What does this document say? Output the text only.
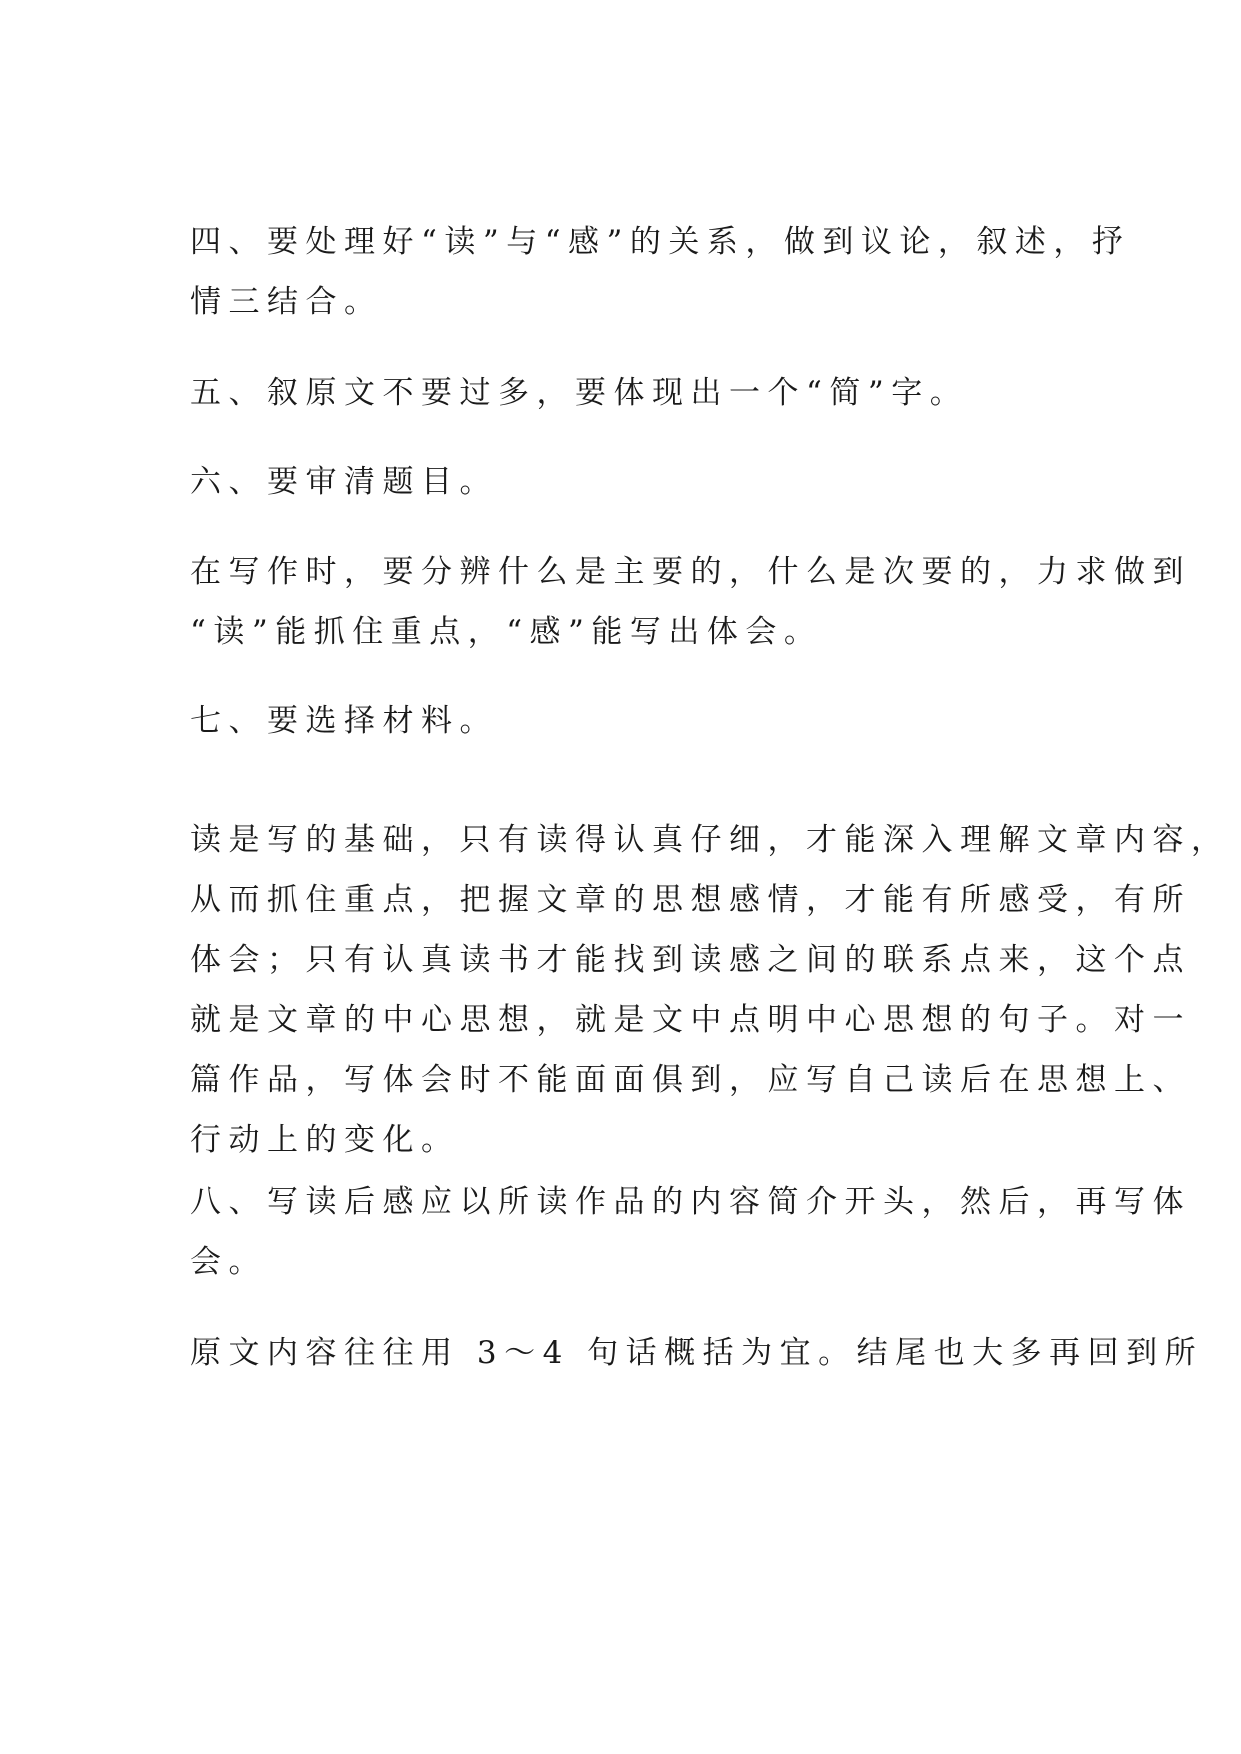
四、要处理好“读”与“感”的关系，做到议论，叙述，抒
情三结合。
五、叙原文不要过多，要体现出一个“简”字。
六、要审清题目。
在写作时，要分辨什么是主要的，什么是次要的，力求做到
“读”能抓住重点，“感”能写出体会。
七、要选择材料。
读是写的基础，只有读得认真仔细，才能深入理解文章内容，
从而抓住重点，把握文章的思想感情，才能有所感受，有所
体会；只有认真读书才能找到读感之间的联系点来，这个点
就是文章的中心思想，就是文中点明中心思想的句子。对一
篇作品，写体会时不能面面俱到，应写自己读后在思想上、
行动上的变化。
八、写读后感应以所读作品的内容简介开头，然后，再写体
会。
原文内容往往用 3～4 句话概括为宜。结尾也大多再回到所
